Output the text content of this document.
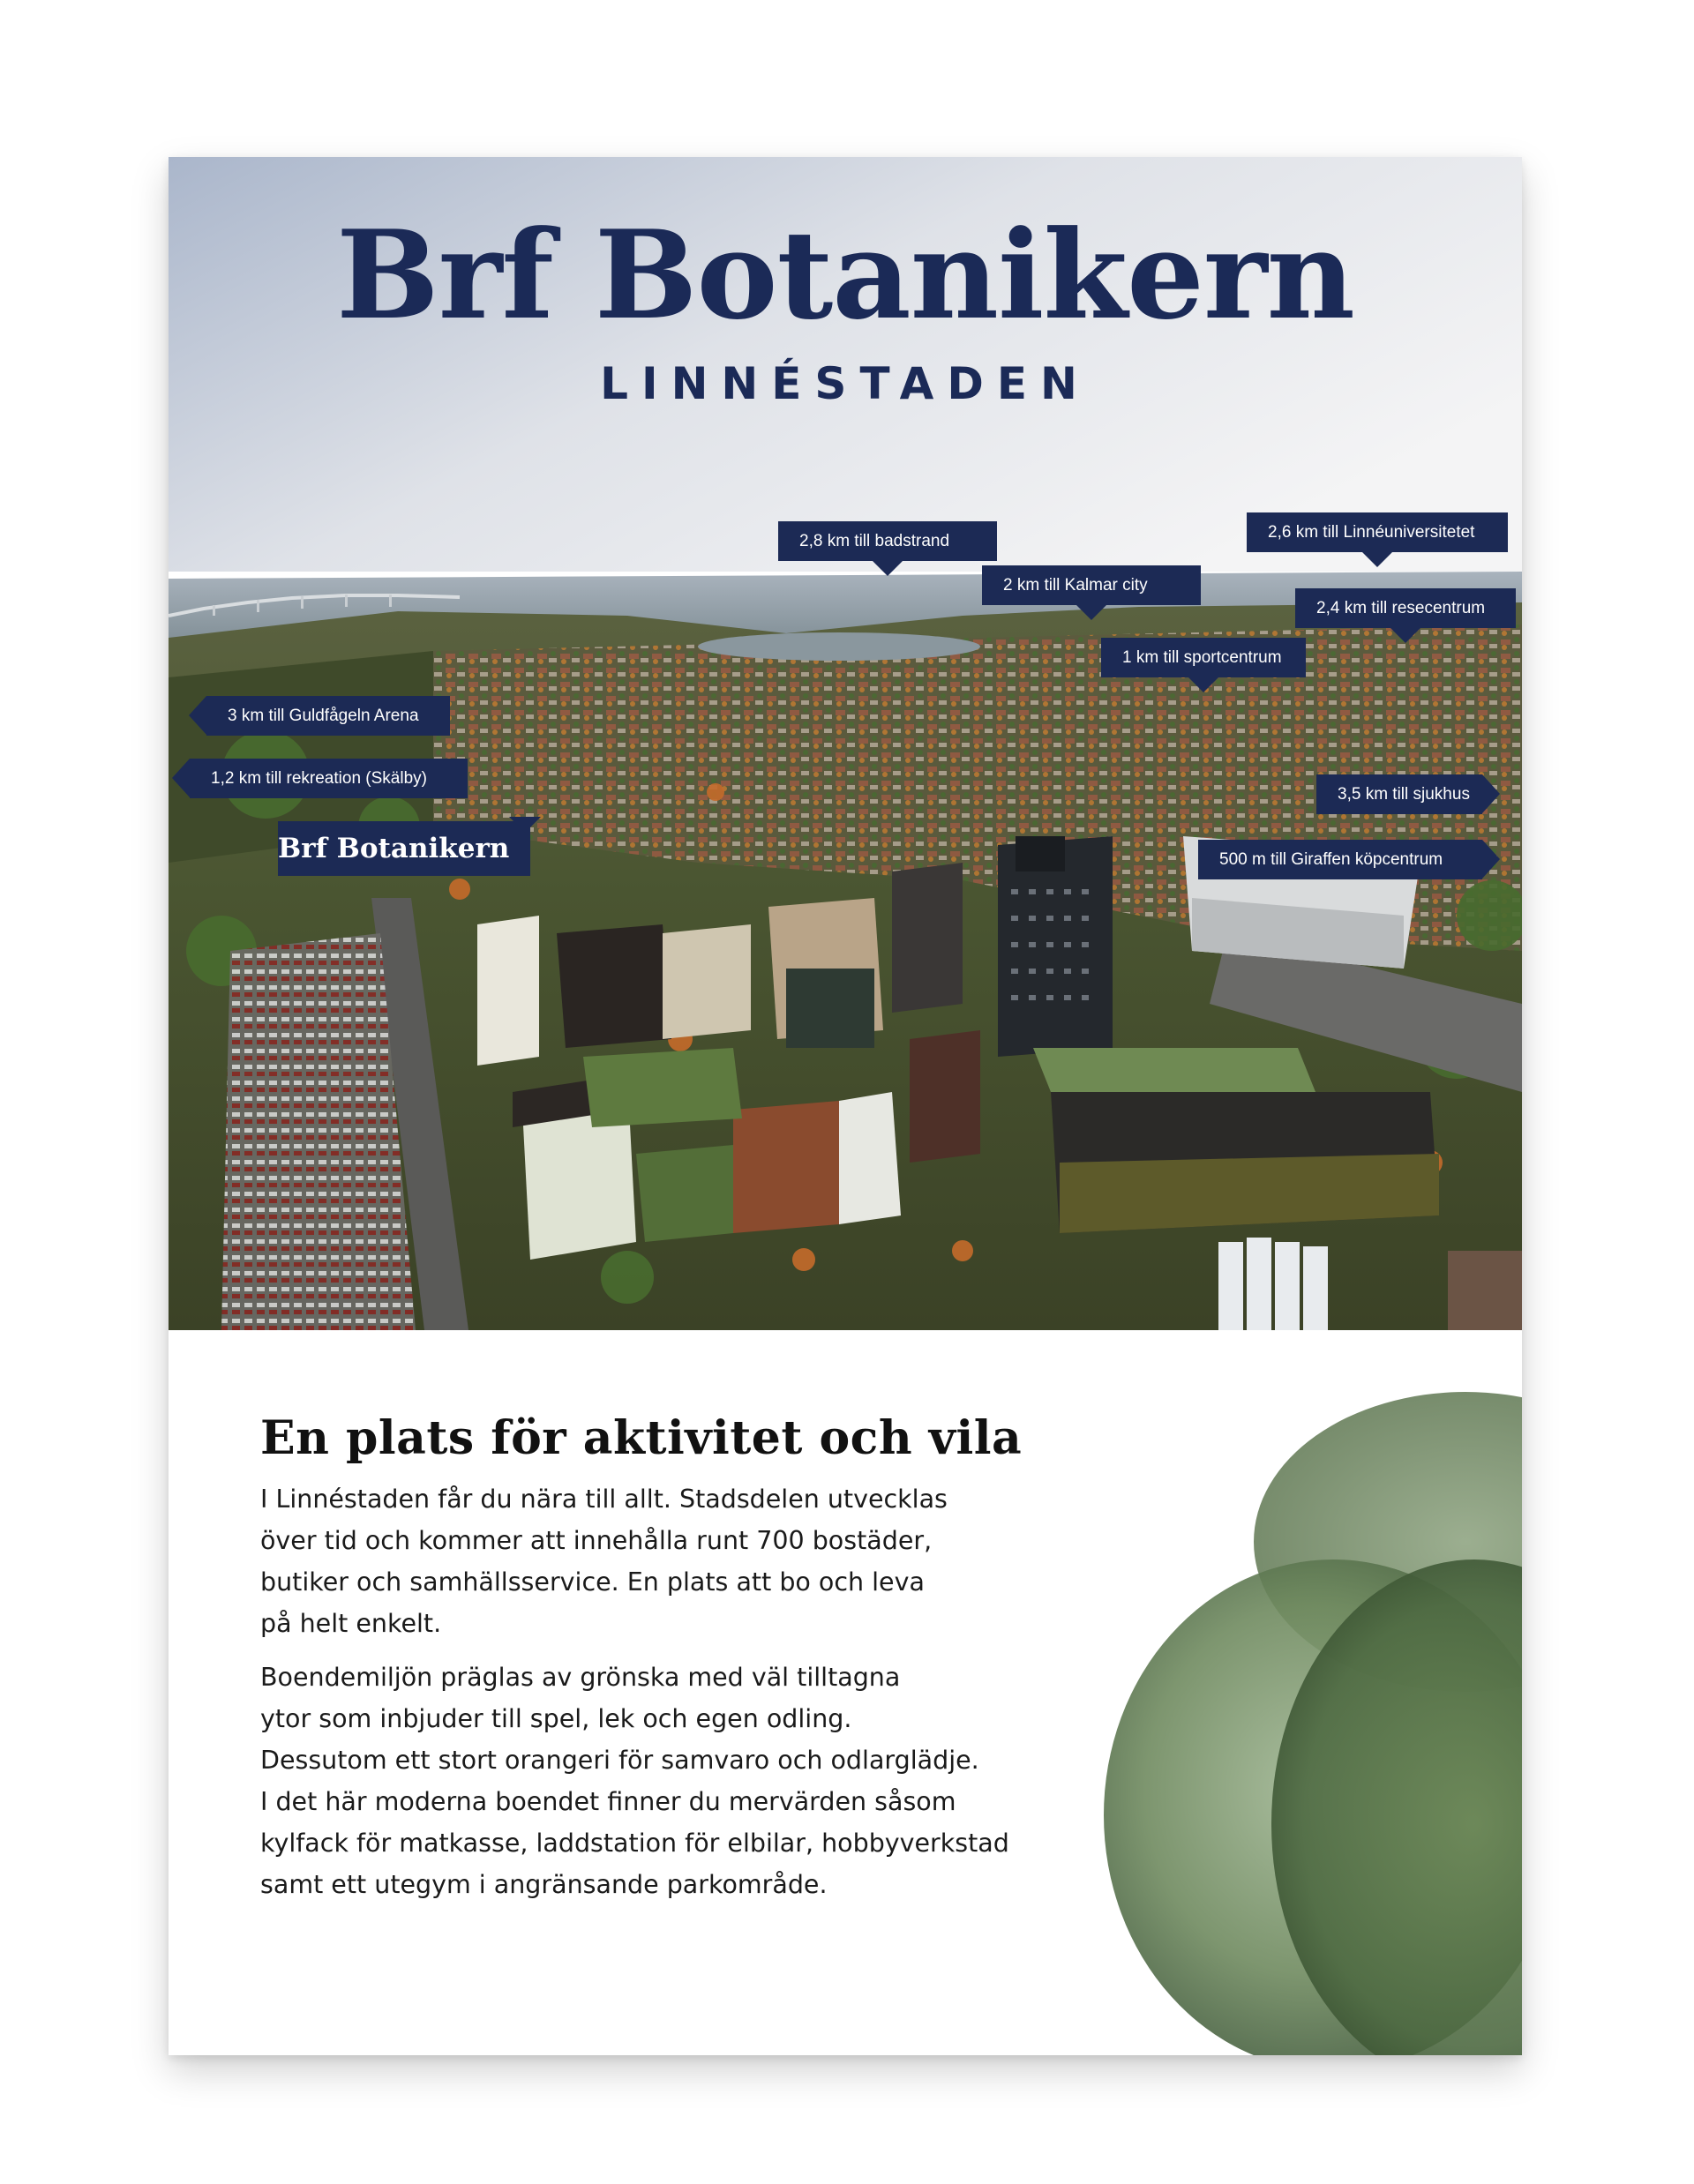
Brf Botanikern
LINNÉSTADEN
2,8 km till badstrand	2,6 km till Linnéuniversitetet
2 km till Kalmar city
2,4 km till resecentrum
1 km till sportcentrum
3 km till Guldfågeln Arena
1,2 km till rekreation (Skälby)
3,5 km till sjukhus
500 m till Giraffen köpcentrum
Brf Botanikern
En plats för aktivitet och vila
I Linnéstaden får du nära till allt. Stadsdelen utvecklas
över tid och kommer att innehålla runt 700 bostäder,
butiker och samhällsservice. En plats att bo och leva
på helt enkelt.
Boendemiljön präglas av grönska med väl tilltagna
ytor som inbjuder till spel, lek och egen odling.
Dessutom ett stort orangeri för samvaro och odlarglädje.
I det här moderna boendet finner du mervärden såsom
kylfack för matkasse, laddstation för elbilar, hobbyverkstad
samt ett utegym i angränsande parkområde.
